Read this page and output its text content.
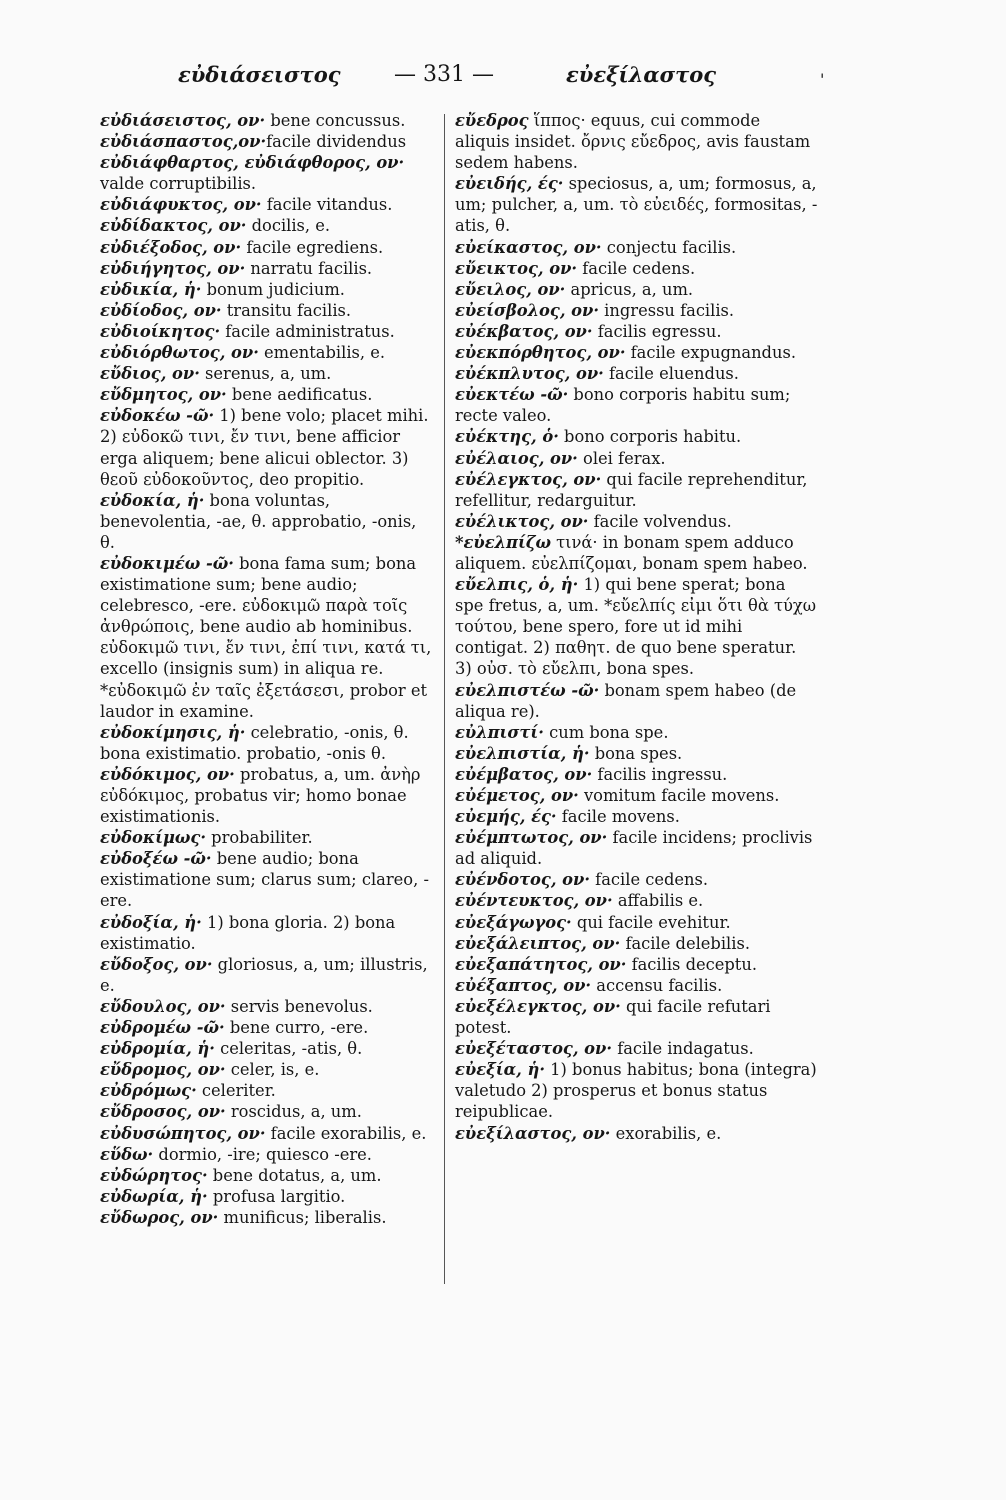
εὐδιάσειστος — 331 —	εὐεξίλαστος	'

εὐδιάσειστος, ον· bene concussus.

εὐδιάσπαστος,ον·facile dividendus

εὐδιάφθαρτος, εὐδιάφθορος, ον· valde corruptibilis.

εὐδιάφυκτος, ον· facile vitandus.

εὐδίδακτος, ον· docilis, e.

εὐδιέξοδος, ον· facile egrediens.

εὐδιήγητος, ον· narratu facilis.

εὐδικία, ἡ· bonum judicium.

εὐδίοδος, ον· transitu facilis.

εὐδιοίκητος· facile administratus.

εὐδιόρθωτος, ον· ementabilis, e.

εὔδιος, ον· serenus, a, um.

εὔδμητος, ον· bene aedificatus.

εὐδοκέω -ῶ· 1) bene volo; placet mihi. 2) εὐδοκῶ τινι, ἔν τινι, bene afficior erga aliquem; bene alicui oblector. 3) θεοῦ εὐδοκοῦντος, deo propitio.

εὐδοκία, ἡ· bona voluntas, benevolentia, -ae, θ. approbatio, -onis, θ.

εὐδοκιμέω -ῶ· bona fama sum; bona existimatione sum; bene audio; celebresco, -ere. εὐδοκιμῶ παρὰ τοῖς ἀνθρώποις, bene audio ab hominibus. εὐδοκιμῶ τινι, ἔν τινι, ἐπί τινι, κατά τι, excello (insignis sum) in aliqua re. *εὐδοκιμῶ ἐν ταῖς ἐξετάσεσι, probor et laudor in examine.

εὐδοκίμησις, ἡ· celebratio, -onis, θ. bona existimatio. probatio, -onis θ.

εὐδόκιμος, ον· probatus, a, um. ἀνὴρ εὐδόκιμος, probatus vir; homo bonae existimationis.

εὐδοκίμως· probabiliter.

εὐδοξέω -ῶ· bene audio; bona existimatione sum; clarus sum; clareo, -ere.

εὐδοξία, ἡ· 1) bona gloria. 2) bona existimatio.

εὔδοξος, ον· gloriosus, a, um; illustris, e.

εὔδουλος, ον· servis benevolus.

εὐδρομέω -ῶ· bene curro, -ere.

εὐδρομία, ἡ· celeritas, -atis, θ.

εὔδρομος, ον· celer, is, e.

εὐδρόμως· celeriter.

εὔδροσος, ον· roscidus, a, um.

εὐδυσώπητος, ον· facile exorabilis, e.

εὕδω· dormio, -ire; quiesco -ere.

εὐδώρητος· bene dotatus, a, um.

εὐδωρία, ἡ· profusa largitio.

εὔδωρος, ον· munificus; liberalis.

εὔεδρος ἵππος· equus, cui commode aliquis insidet. ὄρνις εὔεδρος, avis faustam sedem habens.

εὐειδής, ές· speciosus, a, um; formosus, a, um; pulcher, a, um. τὸ εὐειδές, formositas, -atis, θ.

εὐείκαστος, ον· conjectu facilis.

εὔεικτος, ον· facile cedens.

εὔειλος, ον· apricus, a, um.

εὐείσβολος, ον· ingressu facilis.

εὐέκβατος, ον· facilis egressu.

εὐεκπόρθητος, ον· facile expugnandus.

εὐέκπλυτος, ον· facile eluendus.

εὐεκτέω -ῶ· bono corporis habitu sum; recte valeo.

εὐέκτης, ὁ· bono corporis habitu.

εὐέλαιος, ον· olei ferax.

εὐέλεγκτος, ον· qui facile reprehenditur, refellitur, redarguitur.

εὐέλικτος, ον· facile volvendus.

*εὐελπίζω τινά· in bonam spem adduco aliquem. εὐελπίζομαι, bonam spem habeo.

εὔελπις, ὁ, ἡ· 1) qui bene sperat; bona spe fretus, a, um. *εὔελπίς εἰμι ὅτι θὰ τύχω τούτου, bene spero, fore ut id mihi contigat. 2) παθητ. de quo bene speratur. 3) οὐσ. τὸ εὔελπι, bona spes.

εὐελπιστέω -ῶ· bonam spem habeo (de aliqua re).

εὐλπιστί· cum bona spe.

εὐελπιστία, ἡ· bona spes.

εὐέμβατος, ον· facilis ingressu.

εὐέμετος, ον· vomitum facile movens.

εὐεμής, ές· facile movens.

εὐέμπτωτος, ον· facile incidens; proclivis ad aliquid.

εὐένδοτος, ον· facile cedens.

εὐέντευκτος, ον· affabilis e.

εὐεξάγωγος· qui facile evehitur.

εὐεξάλειπτος, ον· facile delebilis.

εὐεξαπάτητος, ον· facilis deceptu.

εὐέξαπτος, ον· accensu facilis.

εὐεξέλεγκτος, ον· qui facile refutari potest.

εὐεξέταστος, ον· facile indagatus.

εὐεξία, ἡ· 1) bonus habitus; bona (integra) valetudo 2) prosperus et bonus status reipublicae.

εὐεξίλαστος, ον· exorabilis, e.
